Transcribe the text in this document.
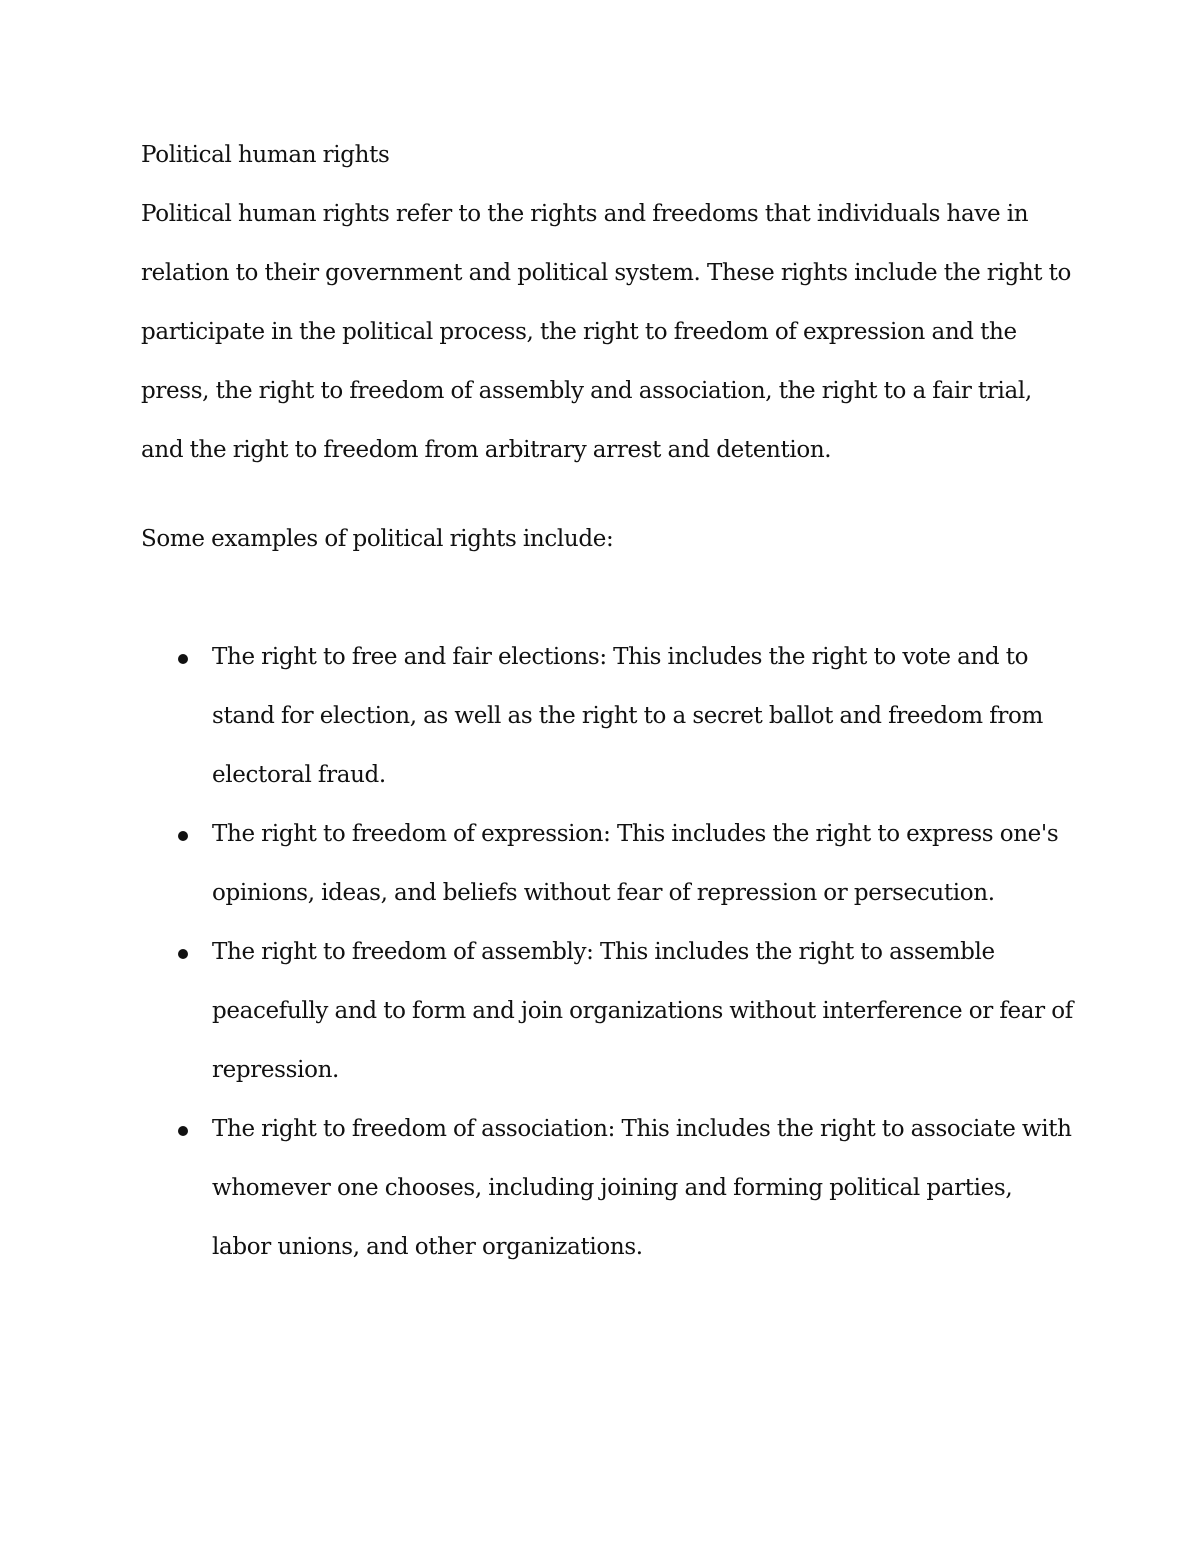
Political human rights

Political human rights refer to the rights and freedoms that individuals have in relation to their government and political system. These rights include the right to participate in the political process, the right to freedom of expression and the press, the right to freedom of assembly and association, the right to a fair trial, and the right to freedom from arbitrary arrest and detention.

Some examples of political rights include:

The right to free and fair elections: This includes the right to vote and to stand for election, as well as the right to a secret ballot and freedom from electoral fraud.
The right to freedom of expression: This includes the right to express one's opinions, ideas, and beliefs without fear of repression or persecution.
The right to freedom of assembly: This includes the right to assemble peacefully and to form and join organizations without interference or fear of repression.
The right to freedom of association: This includes the right to associate with whomever one chooses, including joining and forming political parties, labor unions, and other organizations.
